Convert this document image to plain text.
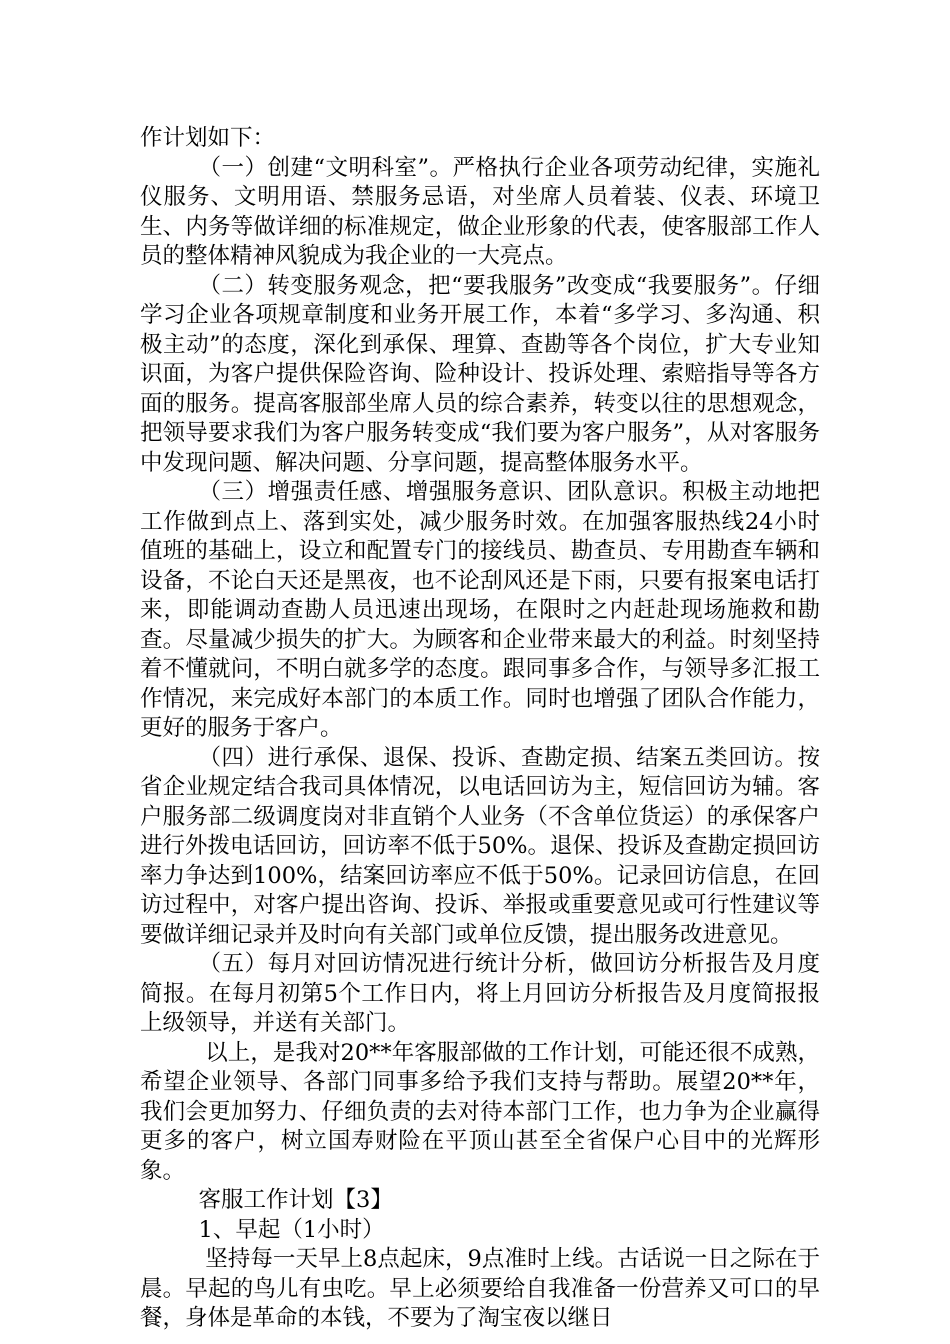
作计划如下：

（一）创建“文明科室”。严格执行企业各项劳动纪律，实施礼仪服务、文明用语、禁服务忌语，对坐席人员着装、仪表、环境卫生、内务等做详细的标准规定，做企业形象的代表，使客服部工作人员的整体精神风貌成为我企业的一大亮点。

（二）转变服务观念，把“要我服务”改变成“我要服务”。仔细学习企业各项规章制度和业务开展工作，本着“多学习、多沟通、积极主动”的态度，深化到承保、理算、查勘等各个岗位，扩大专业知识面，为客户提供保险咨询、险种设计、投诉处理、索赔指导等各方面的服务。提高客服部坐席人员的综合素养，转变以往的思想观念，把领导要求我们为客户服务转变成“我们要为客户服务”，从对客服务中发现问题、解决问题、分享问题，提高整体服务水平。

（三）增强责任感、增强服务意识、团队意识。积极主动地把工作做到点上、落到实处，减少服务时效。在加强客服热线24小时值班的基础上，设立和配置专门的接线员、勘查员、专用勘查车辆和设备，不论白天还是黑夜，也不论刮风还是下雨，只要有报案电话打来，即能调动查勘人员迅速出现场，在限时之内赶赴现场施救和勘查。尽量减少损失的扩大。为顾客和企业带来最大的利益。时刻坚持着不懂就问，不明白就多学的态度。跟同事多合作，与领导多汇报工作情况，来完成好本部门的本质工作。同时也增强了团队合作能力，更好的服务于客户。

（四）进行承保、退保、投诉、查勘定损、结案五类回访。按省企业规定结合我司具体情况，以电话回访为主，短信回访为辅。客户服务部二级调度岗对非直销个人业务（不含单位货运）的承保客户进行外拨电话回访，回访率不低于50%。退保、投诉及查勘定损回访率力争达到100%，结案回访率应不低于50%。记录回访信息，在回访过程中，对客户提出咨询、投诉、举报或重要意见或可行性建议等要做详细记录并及时向有关部门或单位反馈，提出服务改进意见。

（五）每月对回访情况进行统计分析，做回访分析报告及月度简报。在每月初第5个工作日内，将上月回访分析报告及月度简报报上级领导，并送有关部门。

以上，是我对20**年客服部做的工作计划，可能还很不成熟，希望企业领导、各部门同事多给予我们支持与帮助。展望20**年，我们会更加努力、仔细负责的去对待本部门工作，也力争为企业赢得更多的客户，树立国寿财险在平顶山甚至全省保户心目中的光辉形象。

客服工作计划【3】

1、早起（1小时）

坚持每一天早上8点起床，9点准时上线。古话说一日之际在于晨。早起的鸟儿有虫吃。早上必须要给自我准备一份营养又可口的早餐，身体是革命的本钱，不要为了淘宝夜以继日
